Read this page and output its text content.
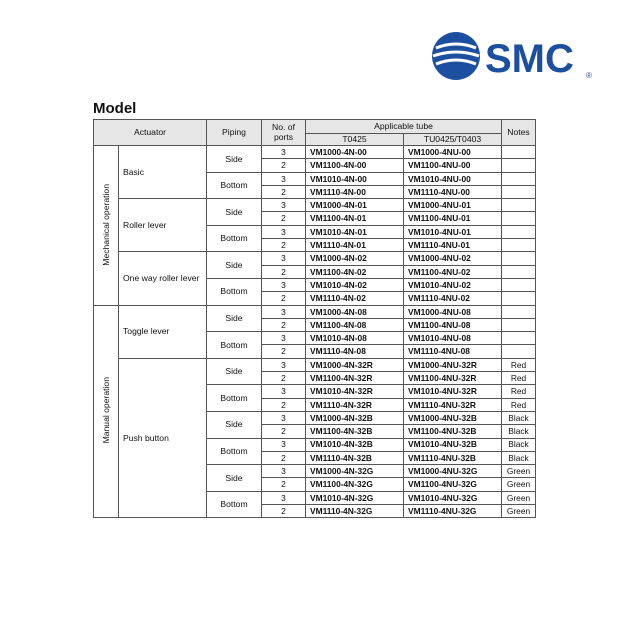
SMC ®
Model
Actuator		Piping	No. of ports	Applicable tube		Notes
				T0425	TU0425/T0403	
Mechanical operation	Basic	Side	3	VM1000-4N-00	VM1000-4NU-00	
			2	VM1100-4N-00	VM1100-4NU-00	
		Bottom	3	VM1010-4N-00	VM1010-4NU-00	
			2	VM1110-4N-00	VM1110-4NU-00	
	Roller lever	Side	3	VM1000-4N-01	VM1000-4NU-01	
			2	VM1100-4N-01	VM1100-4NU-01	
		Bottom	3	VM1010-4N-01	VM1010-4NU-01	
			2	VM1110-4N-01	VM1110-4NU-01	
	One way roller lever	Side	3	VM1000-4N-02	VM1000-4NU-02	
			2	VM1100-4N-02	VM1100-4NU-02	
		Bottom	3	VM1010-4N-02	VM1010-4NU-02	
			2	VM1110-4N-02	VM1110-4NU-02	
Manual operation	Toggle lever	Side	3	VM1000-4N-08	VM1000-4NU-08	
			2	VM1100-4N-08	VM1100-4NU-08	
		Bottom	3	VM1010-4N-08	VM1010-4NU-08	
			2	VM1110-4N-08	VM1110-4NU-08	
	Push button	Side	3	VM1000-4N-32R	VM1000-4NU-32R	Red
			2	VM1100-4N-32R	VM1100-4NU-32R	Red
		Bottom	3	VM1010-4N-32R	VM1010-4NU-32R	Red
			2	VM1110-4N-32R	VM1110-4NU-32R	Red
		Side	3	VM1000-4N-32B	VM1000-4NU-32B	Black
			2	VM1100-4N-32B	VM1100-4NU-32B	Black
		Bottom	3	VM1010-4N-32B	VM1010-4NU-32B	Black
			2	VM1110-4N-32B	VM1110-4NU-32B	Black
		Side	3	VM1000-4N-32G	VM1000-4NU-32G	Green
			2	VM1100-4N-32G	VM1100-4NU-32G	Green
		Bottom	3	VM1010-4N-32G	VM1010-4NU-32G	Green
			2	VM1110-4N-32G	VM1110-4NU-32G	Green
